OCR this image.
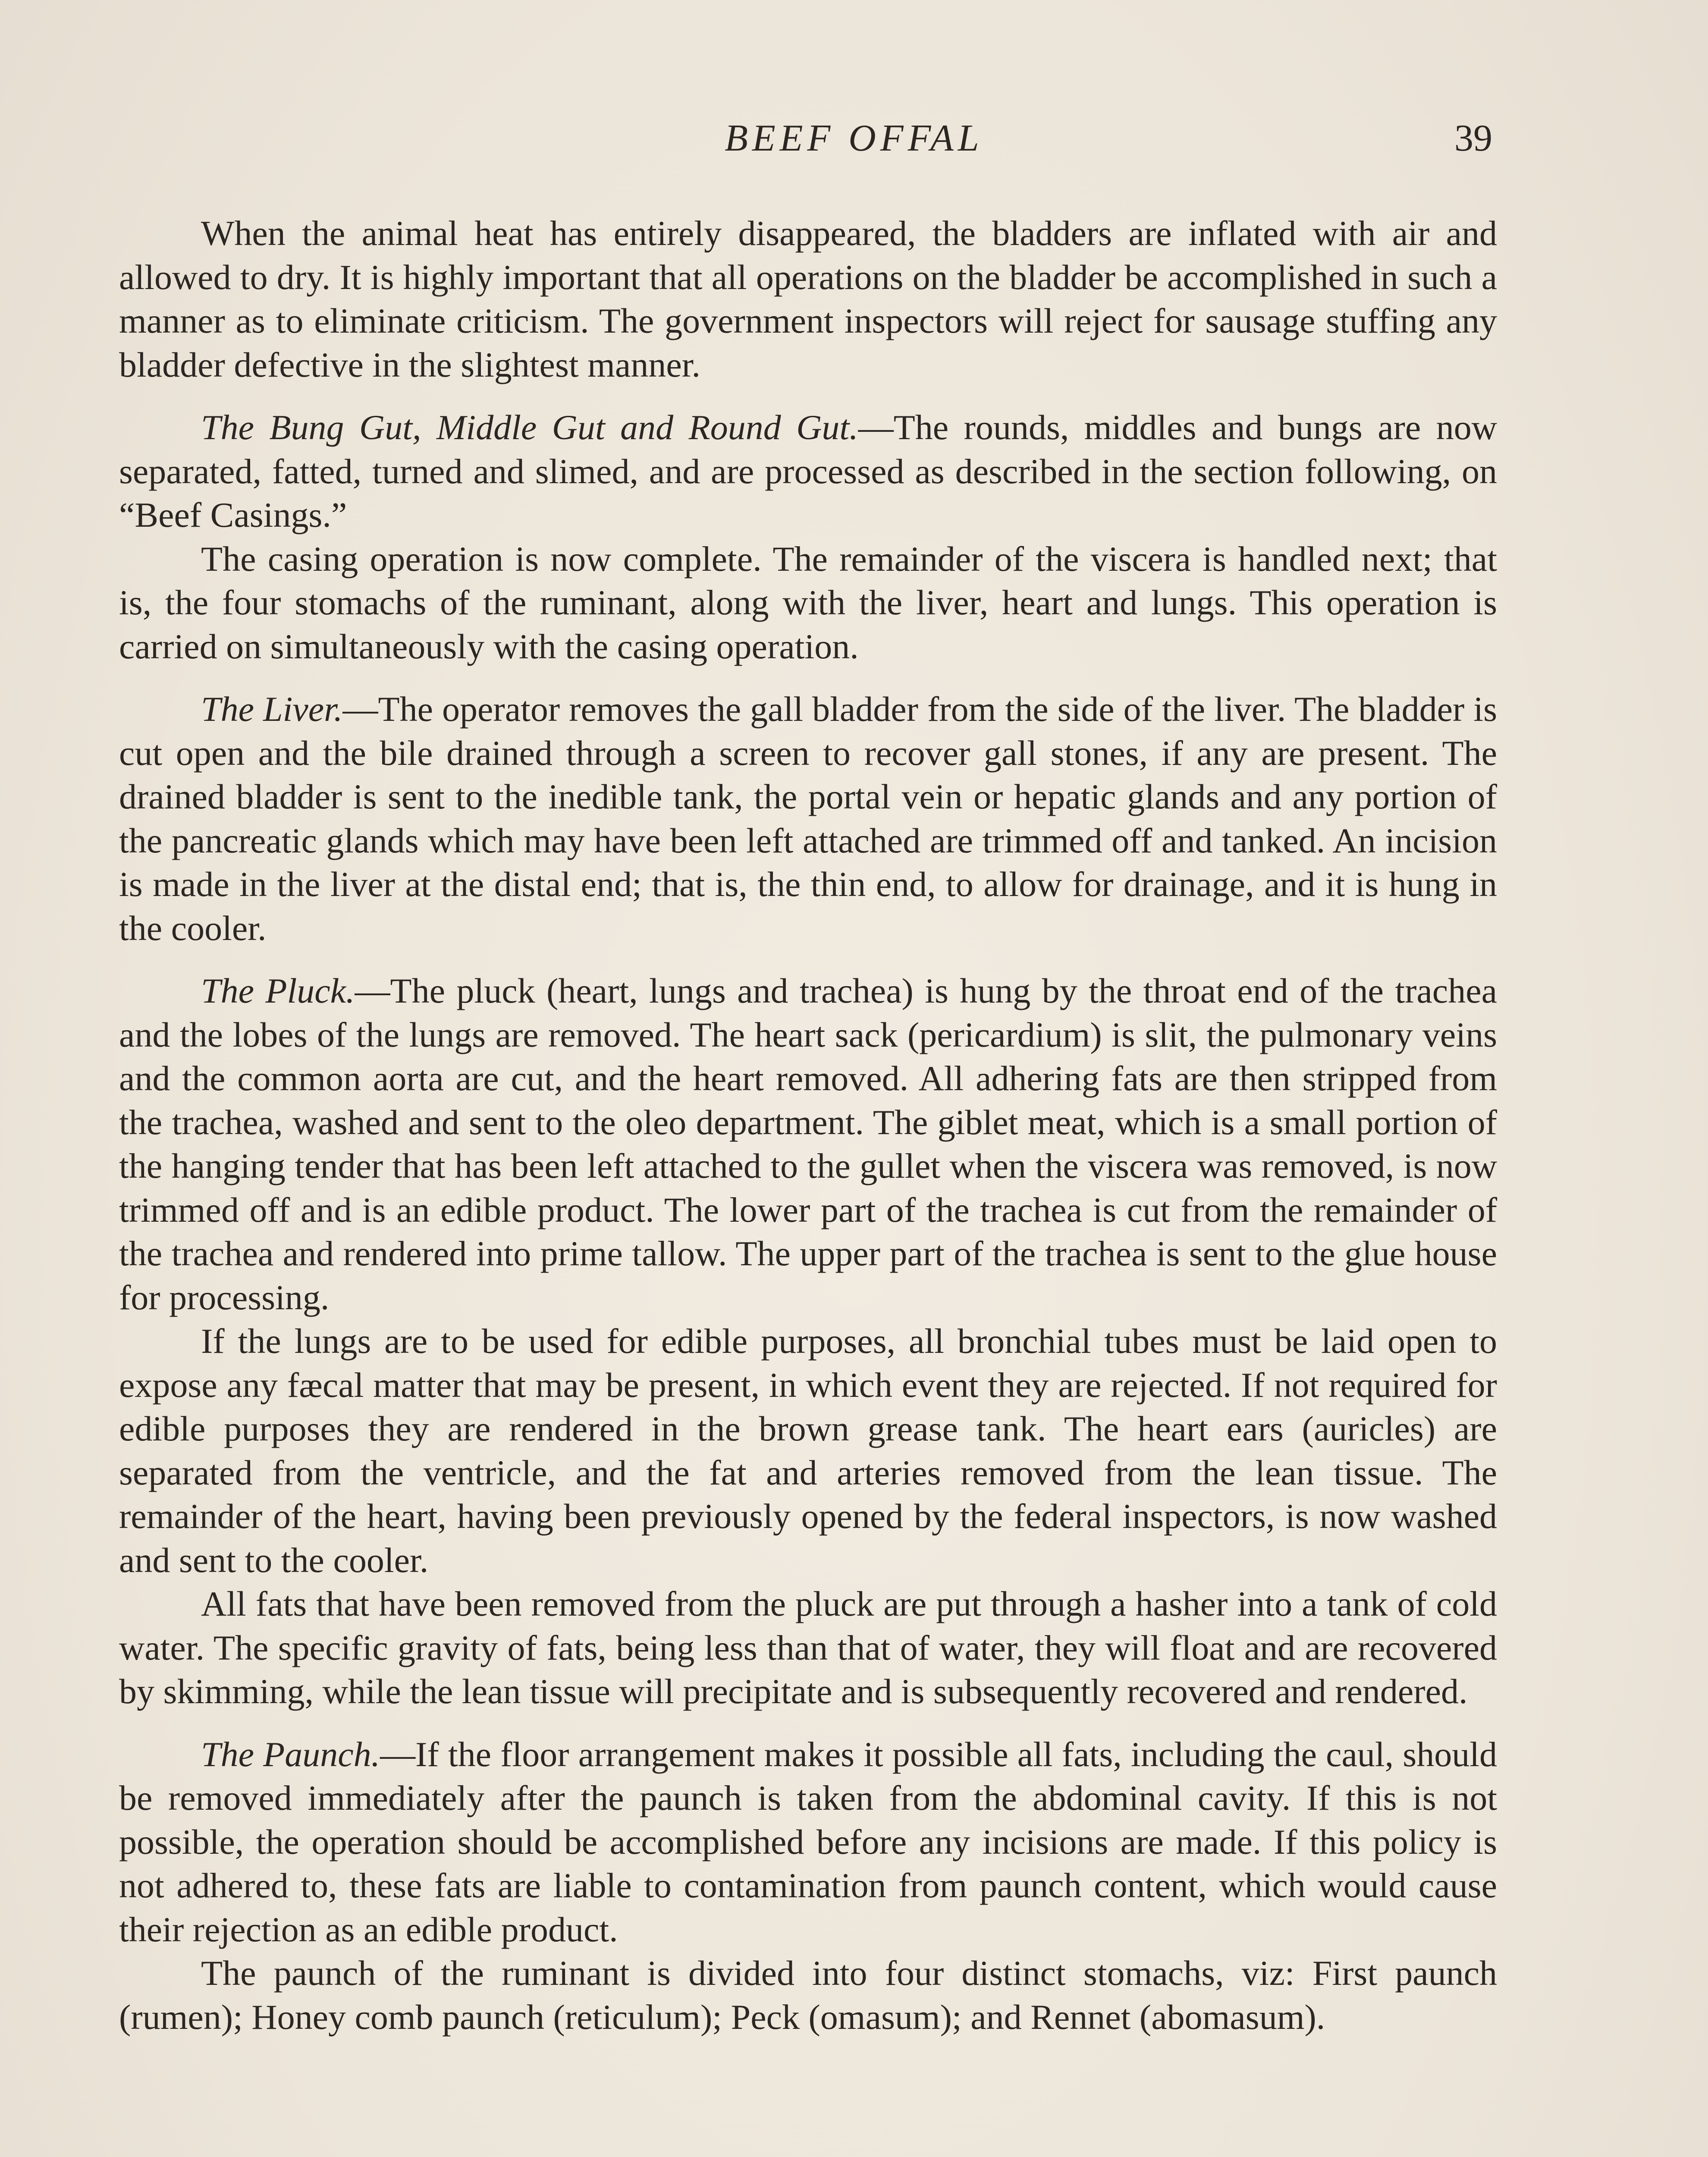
BEEF OFFAL	39

When the animal heat has entirely disappeared, the bladders are inflated with air and allowed to dry. It is highly important that all operations on the bladder be accomplished in such a manner as to eliminate criticism. The government inspectors will reject for sausage stuffing any bladder defective in the slightest manner.

The Bung Gut, Middle Gut and Round Gut.—The rounds, middles and bungs are now separated, fatted, turned and slimed, and are processed as described in the section following, on “Beef Casings.”

The casing operation is now complete. The remainder of the viscera is handled next; that is, the four stomachs of the ruminant, along with the liver, heart and lungs. This operation is carried on simultaneously with the casing operation.

The Liver.—The operator removes the gall bladder from the side of the liver. The bladder is cut open and the bile drained through a screen to recover gall stones, if any are present. The drained bladder is sent to the inedible tank, the portal vein or hepatic glands and any portion of the pancreatic glands which may have been left attached are trimmed off and tanked. An incision is made in the liver at the distal end; that is, the thin end, to allow for drainage, and it is hung in the cooler.

The Pluck.—The pluck (heart, lungs and trachea) is hung by the throat end of the trachea and the lobes of the lungs are removed. The heart sack (pericardium) is slit, the pulmonary veins and the common aorta are cut, and the heart removed. All adhering fats are then stripped from the trachea, washed and sent to the oleo department. The giblet meat, which is a small portion of the hanging tender that has been left attached to the gullet when the viscera was removed, is now trimmed off and is an edible product. The lower part of the trachea is cut from the remainder of the trachea and rendered into prime tallow. The upper part of the trachea is sent to the glue house for processing.

If the lungs are to be used for edible purposes, all bronchial tubes must be laid open to expose any fæcal matter that may be present, in which event they are rejected. If not required for edible purposes they are rendered in the brown grease tank. The heart ears (auricles) are separated from the ventricle, and the fat and arteries removed from the lean tissue. The remainder of the heart, having been previously opened by the federal inspectors, is now washed and sent to the cooler.

All fats that have been removed from the pluck are put through a hasher into a tank of cold water. The specific gravity of fats, being less than that of water, they will float and are recovered by skimming, while the lean tissue will precipitate and is subsequently recovered and rendered.

The Paunch.—If the floor arrangement makes it possible all fats, including the caul, should be removed immediately after the paunch is taken from the abdominal cavity. If this is not possible, the operation should be accomplished before any incisions are made. If this policy is not adhered to, these fats are liable to contamination from paunch content, which would cause their rejection as an edible product.

The paunch of the ruminant is divided into four distinct stomachs, viz: First paunch (rumen); Honey comb paunch (reticulum); Peck (omasum); and Rennet (abomasum).
